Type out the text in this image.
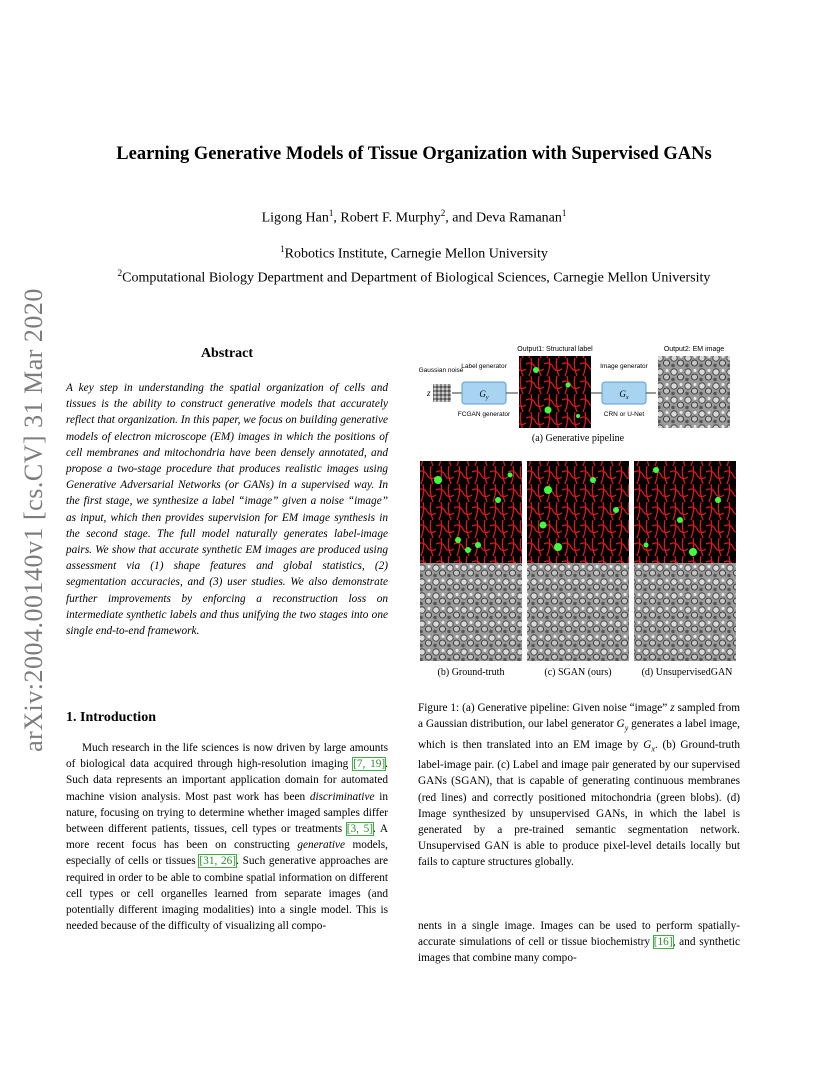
arXiv:2004.00140v1 [cs.CV] 31 Mar 2020
Learning Generative Models of Tissue Organization with Supervised GANs
Ligong Han$^1$, Robert F. Murphy$^2$, and Deva Ramanan$^1$
$^1$Robotics Institute, Carnegie Mellon University
$^2$Computational Biology Department and Department of Biological Sciences, Carnegie Mellon University
Abstract
A key step in understanding the spatial organization of cells and tissues is the ability to construct generative models that accurately reflect that organization. In this paper, we focus on building generative models of electron microscope (EM) images in which the positions of cell membranes and mitochondria have been densely annotated, and propose a two-stage procedure that produces realistic images using Generative Adversarial Networks (or GANs) in a supervised way. In the first stage, we synthesize a label “image” given a noise “image” as input, which then provides supervision for EM image synthesis in the second stage. The full model naturally generates label-image pairs. We show that accurate synthetic EM images are produced using assessment via (1) shape features and global statistics, (2) segmentation accuracies, and (3) user studies. We also demonstrate further improvements by enforcing a reconstruction loss on intermediate synthetic labels and thus unifying the two stages into one single end-to-end framework.
1. Introduction
Much research in the life sciences is now driven by large amounts of biological data acquired through high-resolution imaging [7, 19]. Such data represents an important application domain for automated machine vision analysis. Most past work has been discriminative in nature, focusing on trying to determine whether imaged samples differ between different patients, tissues, cell types or treatments [3, 5]. A more recent focus has been on constructing generative models, especially of cells or tissues [31, 26]. Such generative approaches are required in order to be able to combine spatial information on different cell types or cell organelles learned from separate images (and potentially different imaging modalities) into a single model. This is needed because of the difficulty of visualizing all compo-
Output1: Structural label	Output2: EM image
Gaussian noise
Label generator	Image generator
z	$G_y$	$G_x$
FCGAN generator	CRN or U-Net
(a) Generative pipeline
(b) Ground-truth	(c) SGAN (ours)	(d) UnsupervisedGAN
Figure 1: (a) Generative pipeline: Given noise “image” z sampled from a Gaussian distribution, our label generator $G_y$ generates a label image, which is then translated into an EM image by $G_x$. (b) Ground-truth label-image pair. (c) Label and image pair generated by our supervised GANs (SGAN), that is capable of generating continuous membranes (red lines) and correctly positioned mitochondria (green blobs). (d) Image synthesized by unsupervised GANs, in which the label is generated by a pre-trained semantic segmentation network. Unsupervised GAN is able to produce pixel-level details locally but fails to capture structures globally.
nents in a single image. Images can be used to perform spatially-accurate simulations of cell or tissue biochemistry [16], and synthetic images that combine many compo-
